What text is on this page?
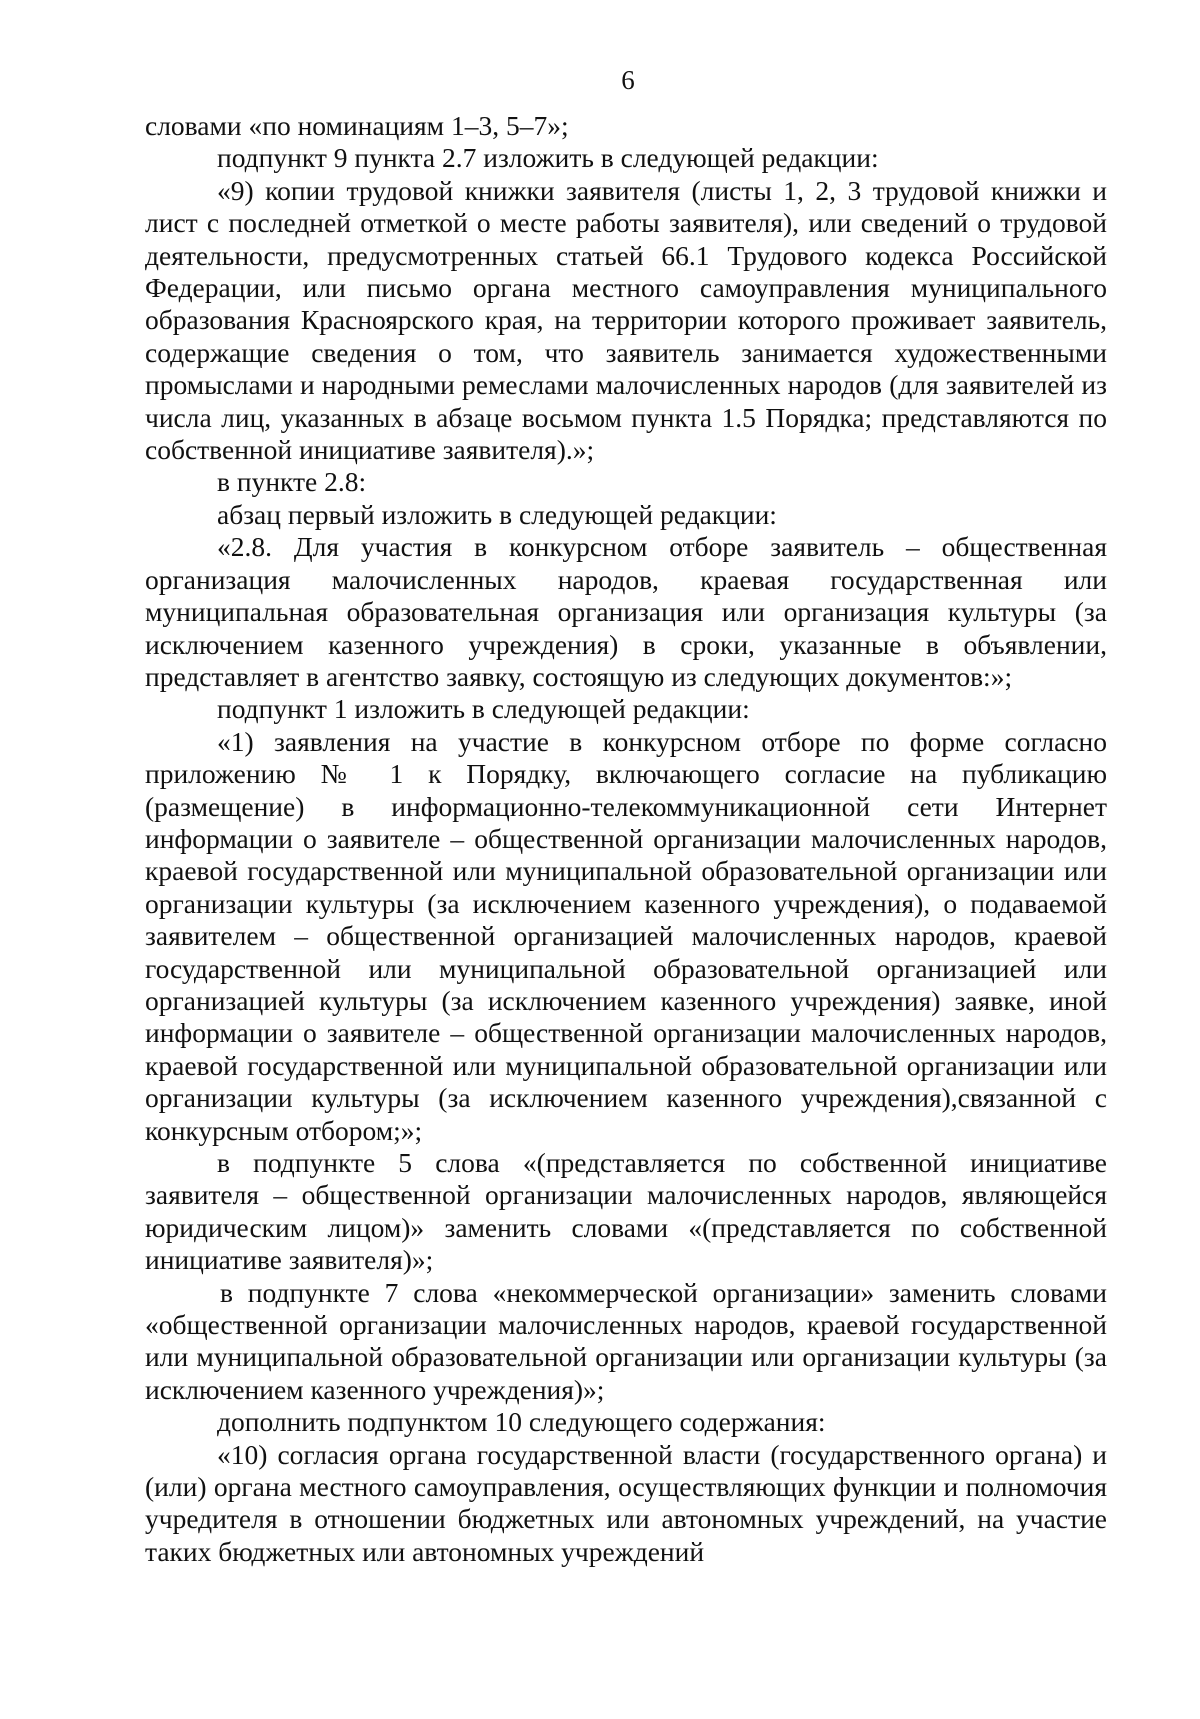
6

словами «по номинациям 1–3, 5–7»;

подпункт 9 пункта 2.7 изложить в следующей редакции:

«9) копии трудовой книжки заявителя (листы 1, 2, 3 трудовой книжки и лист с последней отметкой о месте работы заявителя), или сведений о трудовой деятельности, предусмотренных статьей 66.1 Трудового кодекса Российской Федерации, или письмо органа местного самоуправления муниципального образования Красноярского края, на территории которого проживает заявитель, содержащие сведения о том, что заявитель занимается художественными промыслами и народными ремеслами малочисленных народов (для заявителей из числа лиц, указанных в абзаце восьмом пункта 1.5 Порядка; представляются по собственной инициативе заявителя).»;

в пункте 2.8:

абзац первый изложить в следующей редакции:

«2.8. Для участия в конкурсном отборе заявитель – общественная организация малочисленных народов, краевая государственная или муниципальная образовательная организация или организация культуры (за исключением казенного учреждения) в сроки, указанные в объявлении, представляет в агентство заявку, состоящую из следующих документов:»;

подпункт 1 изложить в следующей редакции:

«1) заявления на участие в конкурсном отборе по форме согласно приложению № 1 к Порядку, включающего согласие на публикацию (размещение) в информационно-телекоммуникационной сети Интернет информации о заявителе – общественной организации малочисленных народов, краевой государственной или муниципальной образовательной организации или организации культуры (за исключением казенного учреждения), о подаваемой заявителем – общественной организацией малочисленных народов, краевой государственной или муниципальной образовательной организацией или организацией культуры (за исключением казенного учреждения) заявке, иной информации о заявителе – общественной организации малочисленных народов, краевой государственной или муниципальной образовательной организации или организации культуры (за исключением казенного учреждения),связанной с конкурсным отбором;»;

в подпункте 5 слова «(представляется по собственной инициативе заявителя – общественной организации малочисленных народов, являющейся юридическим лицом)» заменить словами «(представляется по собственной инициативе заявителя)»;

в подпункте 7 слова «некоммерческой организации» заменить словами «общественной организации малочисленных народов, краевой государственной или муниципальной образовательной организации или организации культуры (за исключением казенного учреждения)»;

дополнить подпунктом 10 следующего содержания:

«10) согласия органа государственной власти (государственного органа) и (или) органа местного самоуправления, осуществляющих функции и полномочия учредителя в отношении бюджетных или автономных учреждений, на участие таких бюджетных или автономных учреждений
